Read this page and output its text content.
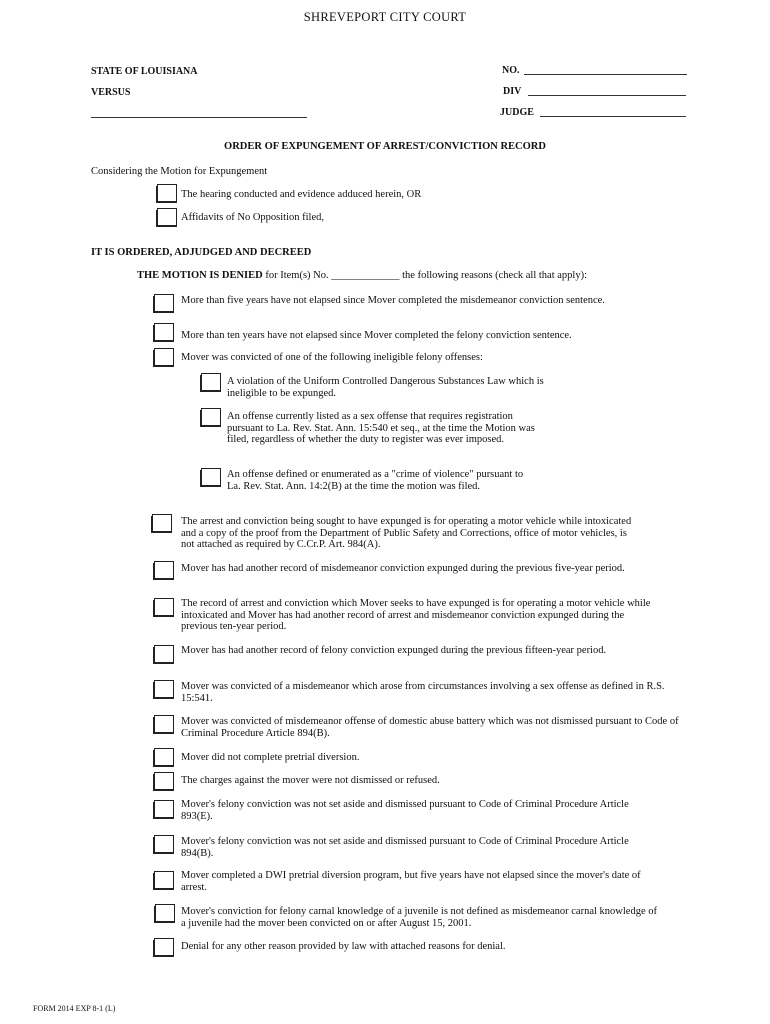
SHREVEPORT CITY COURT
STATE OF LOUISIANA
VERSUS
NO.
DIV
JUDGE
ORDER OF EXPUNGEMENT OF ARREST/CONVICTION RECORD
Considering the Motion for Expungement
The hearing conducted and evidence adduced herein, OR
Affidavits of No Opposition filed,
IT IS ORDERED, ADJUDGED AND DECREED
THE MOTION IS DENIED for Item(s) No. _____________ the following reasons (check all that apply):
More than five years have not elapsed since Mover completed the misdemeanor conviction sentence.
More than ten years have not elapsed since Mover completed the felony conviction sentence.
Mover was convicted of one of the following ineligible felony offenses:
A violation of the Uniform Controlled Dangerous Substances Law which is ineligible to be expunged.
An offense currently listed as a sex offense that requires registration pursuant to La. Rev. Stat. Ann. 15:540 et seq., at the time the Motion was filed, regardless of whether the duty to register was ever imposed.
An offense defined or enumerated as a "crime of violence" pursuant to La. Rev. Stat. Ann. 14:2(B) at the time the motion was filed.
The arrest and conviction being sought to have expunged is for operating a motor vehicle while intoxicated and a copy of the proof from the Department of Public Safety and Corrections, office of motor vehicles, is not attached as required by C.Cr.P. Art. 984(A).
Mover has had another record of misdemeanor conviction expunged during the previous five-year period.
The record of arrest and conviction which Mover seeks to have expunged is for operating a motor vehicle while intoxicated and Mover has had another record of arrest and misdemeanor conviction expunged during the previous ten-year period.
Mover has had another record of felony conviction expunged during the previous fifteen-year period.
Mover was convicted of a misdemeanor which arose from circumstances involving a sex offense as defined in R.S. 15:541.
Mover was convicted of misdemeanor offense of domestic abuse battery which was not dismissed pursuant to Code of Criminal Procedure Article 894(B).
Mover did not complete pretrial diversion.
The charges against the mover were not dismissed or refused.
Mover's felony conviction was not set aside and dismissed pursuant to Code of Criminal Procedure Article 893(E).
Mover's felony conviction was not set aside and dismissed pursuant to Code of Criminal Procedure Article 894(B).
Mover completed a DWI pretrial diversion program, but five years have not elapsed since the mover's date of arrest.
Mover's conviction for felony carnal knowledge of a juvenile is not defined as misdemeanor carnal knowledge of a juvenile had the mover been convicted on or after August 15, 2001.
Denial for any other reason provided by law with attached reasons for denial.
FORM 2014 EXP 8-1 (L)
